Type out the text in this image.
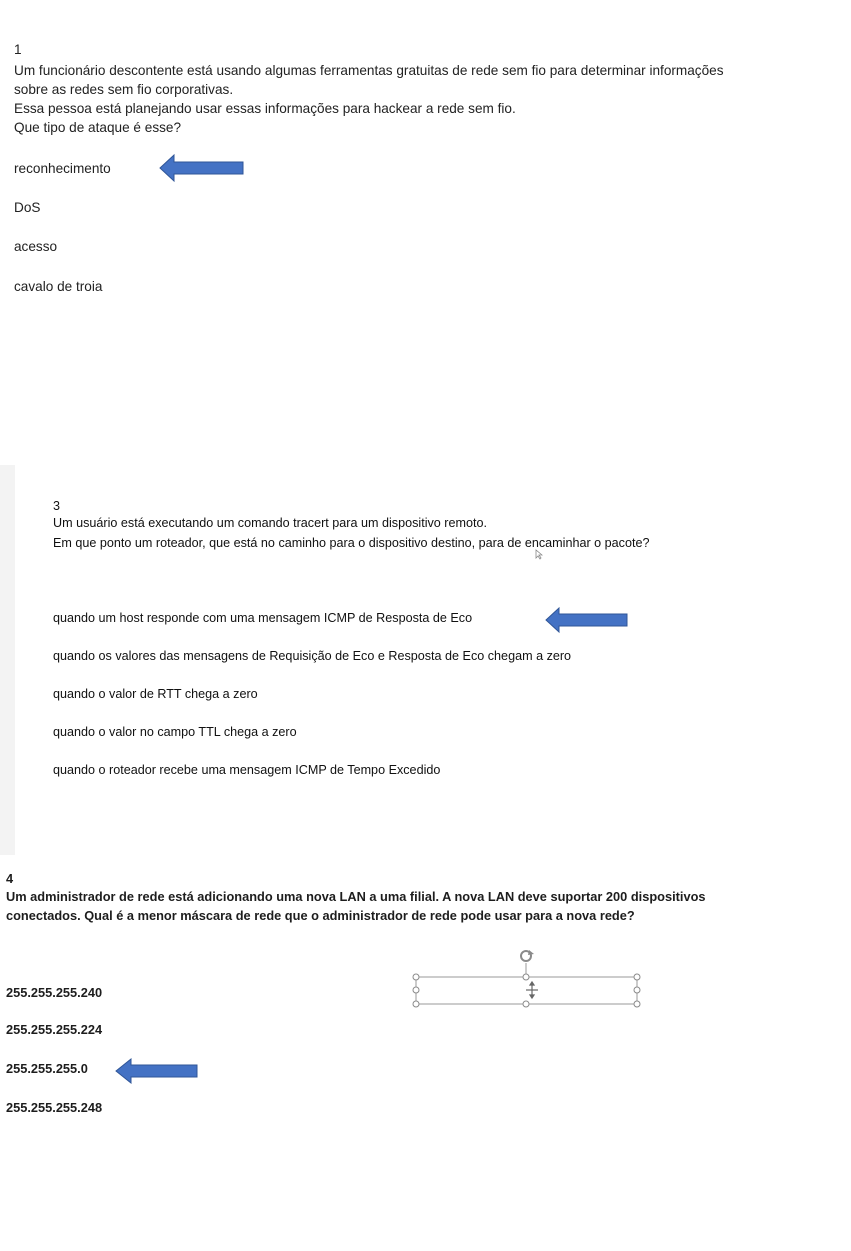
1
Um funcionário descontente está usando algumas ferramentas gratuitas de rede sem fio para determinar informações
sobre as redes sem fio corporativas.
Essa pessoa está planejando usar essas informações para hackear a rede sem fio.
Que tipo de ataque é esse?
reconhecimento
DoS
acesso
cavalo de troia
3
Um usuário está executando um comando tracert para um dispositivo remoto.
Em que ponto um roteador, que está no caminho para o dispositivo destino, para de encaminhar o pacote?
quando um host responde com uma mensagem ICMP de Resposta de Eco
quando os valores das mensagens de Requisição de Eco e Resposta de Eco chegam a zero
quando o valor de RTT chega a zero
quando o valor no campo TTL chega a zero
quando o roteador recebe uma mensagem ICMP de Tempo Excedido
4
Um administrador de rede está adicionando uma nova LAN a uma filial. A nova LAN deve suportar 200 dispositivos
conectados. Qual é a menor máscara de rede que o administrador de rede pode usar para a nova rede?
255.255.255.240
255.255.255.224
255.255.255.0
255.255.255.248
